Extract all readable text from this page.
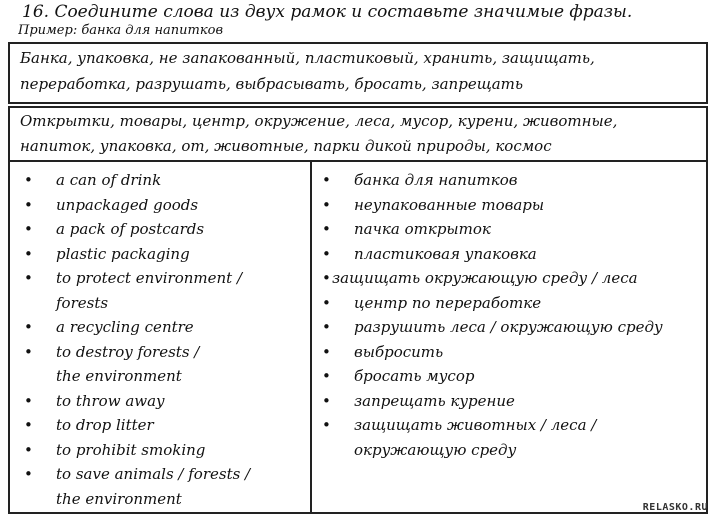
16. Соедините слова из двух рамок и составьте значимые фразы.
Пример: банка для напитков
Банка, упаковка, не запакованный, пластиковый, хранить, защищать,
переработка, разрушать, выбрасывать, бросать, запрещать
Открытки, товары, центр, окружение, леса, мусор, курени, животные,
напиток, упаковка, от, животные, парки дикой природы, космос
•	a can of drink
•	unpackaged goods
•	a pack of postcards
•	plastic packaging
•	to protect environment /
forests
•	a recycling centre
•	to destroy forests /
the environment
•	to throw away
•	to drop litter
•	to prohibit smoking
•	to save animals / forests /
the environment
•	банка для напитков
•	неупакованные товары
•	пачка открыток
•	пластиковая упаковка
• защищать окружающую среду / леса
•	центр по переработке
•	разрушить леса / окружающую среду
•	выбросить
•	бросать мусор
•	запрещать курение
•	защищать животных / леса /
окружающую среду
RELASKO.RU
